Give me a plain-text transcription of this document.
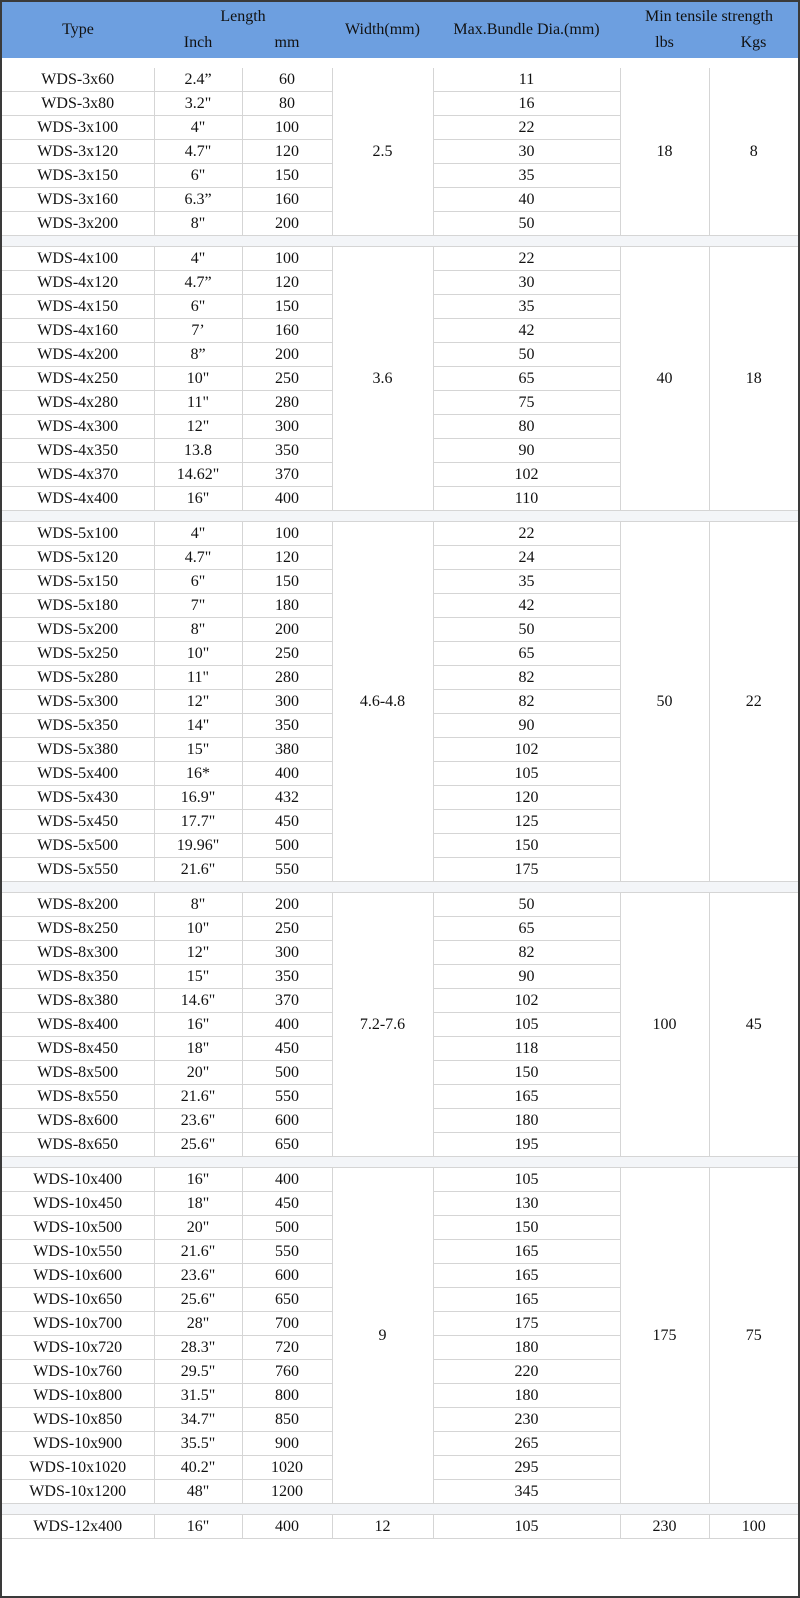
Type
Length
Inch	mm
Width(mm)	Max.Bundle Dia.(mm)
Min tensile strength
lbs	Kgs
WDS-3x60	2.4”	60	2.5	11	18	8
WDS-3x80	3.2"	80		16		
WDS-3x100	4"	100		22		
WDS-3x120	4.7"	120		30		
WDS-3x150	6"	150		35		
WDS-3x160	6.3”	160		40		
WDS-3x200	8"	200		50		

WDS-4x100	4"	100	3.6	22	40	18
WDS-4x120	4.7”	120		30		
WDS-4x150	6"	150		35		
WDS-4x160	7’	160		42		
WDS-4x200	8”	200		50		
WDS-4x250	10"	250		65		
WDS-4x280	11"	280		75		
WDS-4x300	12"	300		80		
WDS-4x350	13.8	350		90		
WDS-4x370	14.62"	370		102		
WDS-4x400	16"	400		110		

WDS-5x100	4"	100	4.6-4.8	22	50	22
WDS-5x120	4.7"	120		24		
WDS-5x150	6"	150		35		
WDS-5x180	7"	180		42		
WDS-5x200	8"	200		50		
WDS-5x250	10"	250		65		
WDS-5x280	11"	280		82		
WDS-5x300	12"	300		82		
WDS-5x350	14"	350		90		
WDS-5x380	15"	380		102		
WDS-5x400	16*	400		105		
WDS-5x430	16.9"	432		120		
WDS-5x450	17.7"	450		125		
WDS-5x500	19.96"	500		150		
WDS-5x550	21.6"	550		175		

WDS-8x200	8"	200	7.2-7.6	50	100	45
WDS-8x250	10"	250		65		
WDS-8x300	12"	300		82		
WDS-8x350	15"	350		90		
WDS-8x380	14.6"	370		102		
WDS-8x400	16"	400		105		
WDS-8x450	18"	450		118		
WDS-8x500	20"	500		150		
WDS-8x550	21.6"	550		165		
WDS-8x600	23.6"	600		180		
WDS-8x650	25.6"	650		195		

WDS-10x400	16"	400	9	105	175	75
WDS-10x450	18"	450		130		
WDS-10x500	20"	500		150		
WDS-10x550	21.6"	550		165		
WDS-10x600	23.6"	600		165		
WDS-10x650	25.6"	650		165		
WDS-10x700	28"	700		175		
WDS-10x720	28.3"	720		180		
WDS-10x760	29.5"	760		220		
WDS-10x800	31.5"	800		180		
WDS-10x850	34.7"	850		230		
WDS-10x900	35.5"	900		265		
WDS-10x1020	40.2"	1020		295		
WDS-10x1200	48"	1200		345		

WDS-12x400	16"	400	12	105	230	100
